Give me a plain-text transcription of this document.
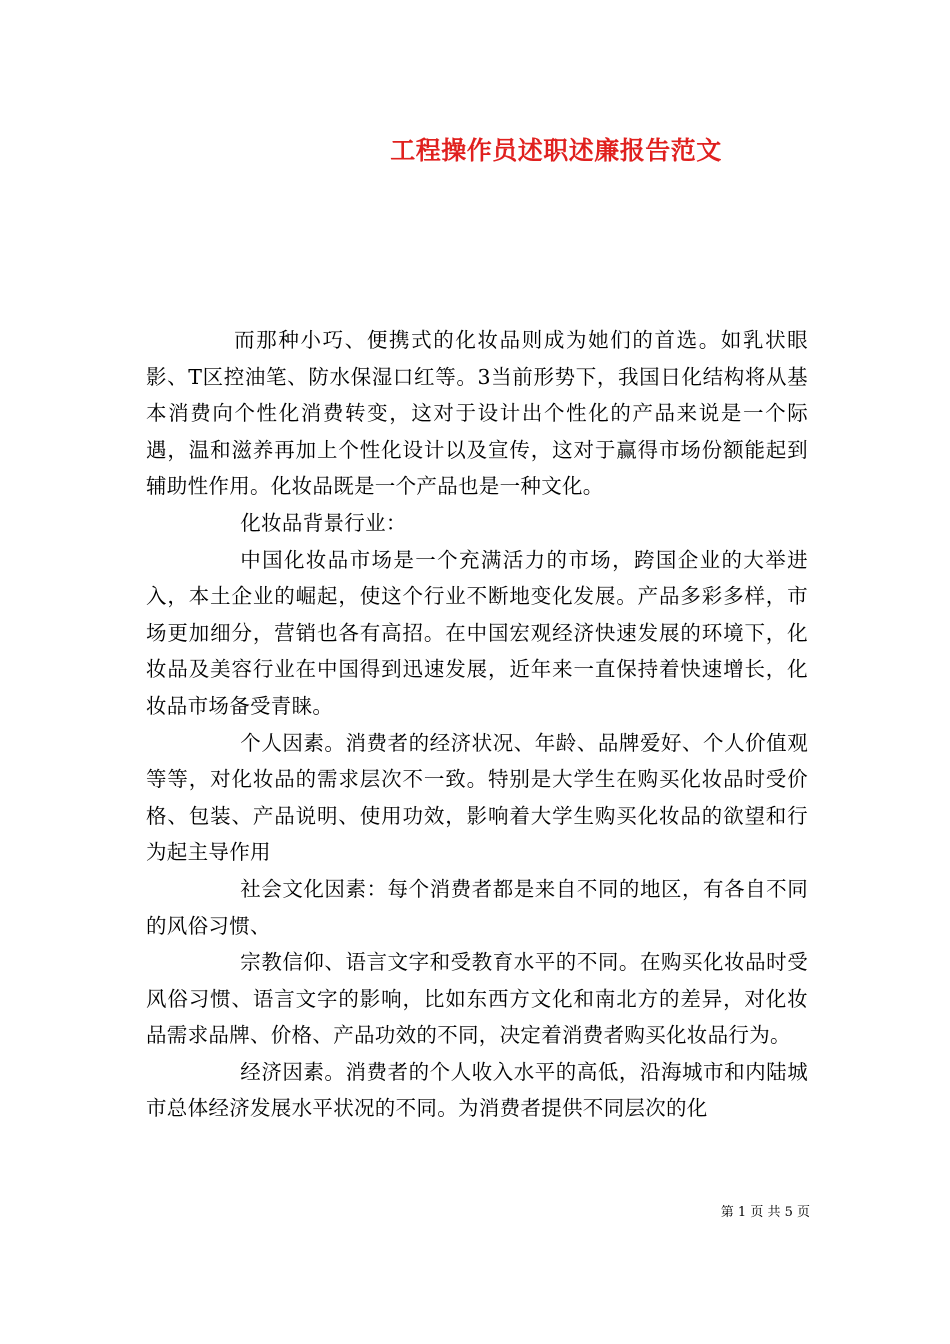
工程操作员述职述廉报告范文

而那种小巧、便携式的化妆品则成为她们的首选。如乳状眼影、T区控油笔、防水保湿口红等。3当前形势下，我国日化结构将从基本消费向个性化消费转变，这对于设计出个性化的产品来说是一个际遇，温和滋养再加上个性化设计以及宣传，这对于赢得市场份额能起到辅助性作用。化妆品既是一个产品也是一种文化。

化妆品背景行业：

中国化妆品市场是一个充满活力的市场，跨国企业的大举进入，本土企业的崛起，使这个行业不断地变化发展。产品多彩多样，市场更加细分，营销也各有高招。在中国宏观经济快速发展的环境下，化妆品及美容行业在中国得到迅速发展，近年来一直保持着快速增长，化妆品市场备受青睐。

个人因素。消费者的经济状况、年龄、品牌爱好、个人价值观等等，对化妆品的需求层次不一致。特别是大学生在购买化妆品时受价格、包装、产品说明、使用功效，影响着大学生购买化妆品的欲望和行为起主导作用

社会文化因素：每个消费者都是来自不同的地区，有各自不同的风俗习惯、

宗教信仰、语言文字和受教育水平的不同。在购买化妆品时受风俗习惯、语言文字的影响，比如东西方文化和南北方的差异，对化妆品需求品牌、价格、产品功效的不同，决定着消费者购买化妆品行为。

经济因素。消费者的个人收入水平的高低，沿海城市和内陆城市总体经济发展水平状况的不同。为消费者提供不同层次的化

第 1 页 共 5 页
